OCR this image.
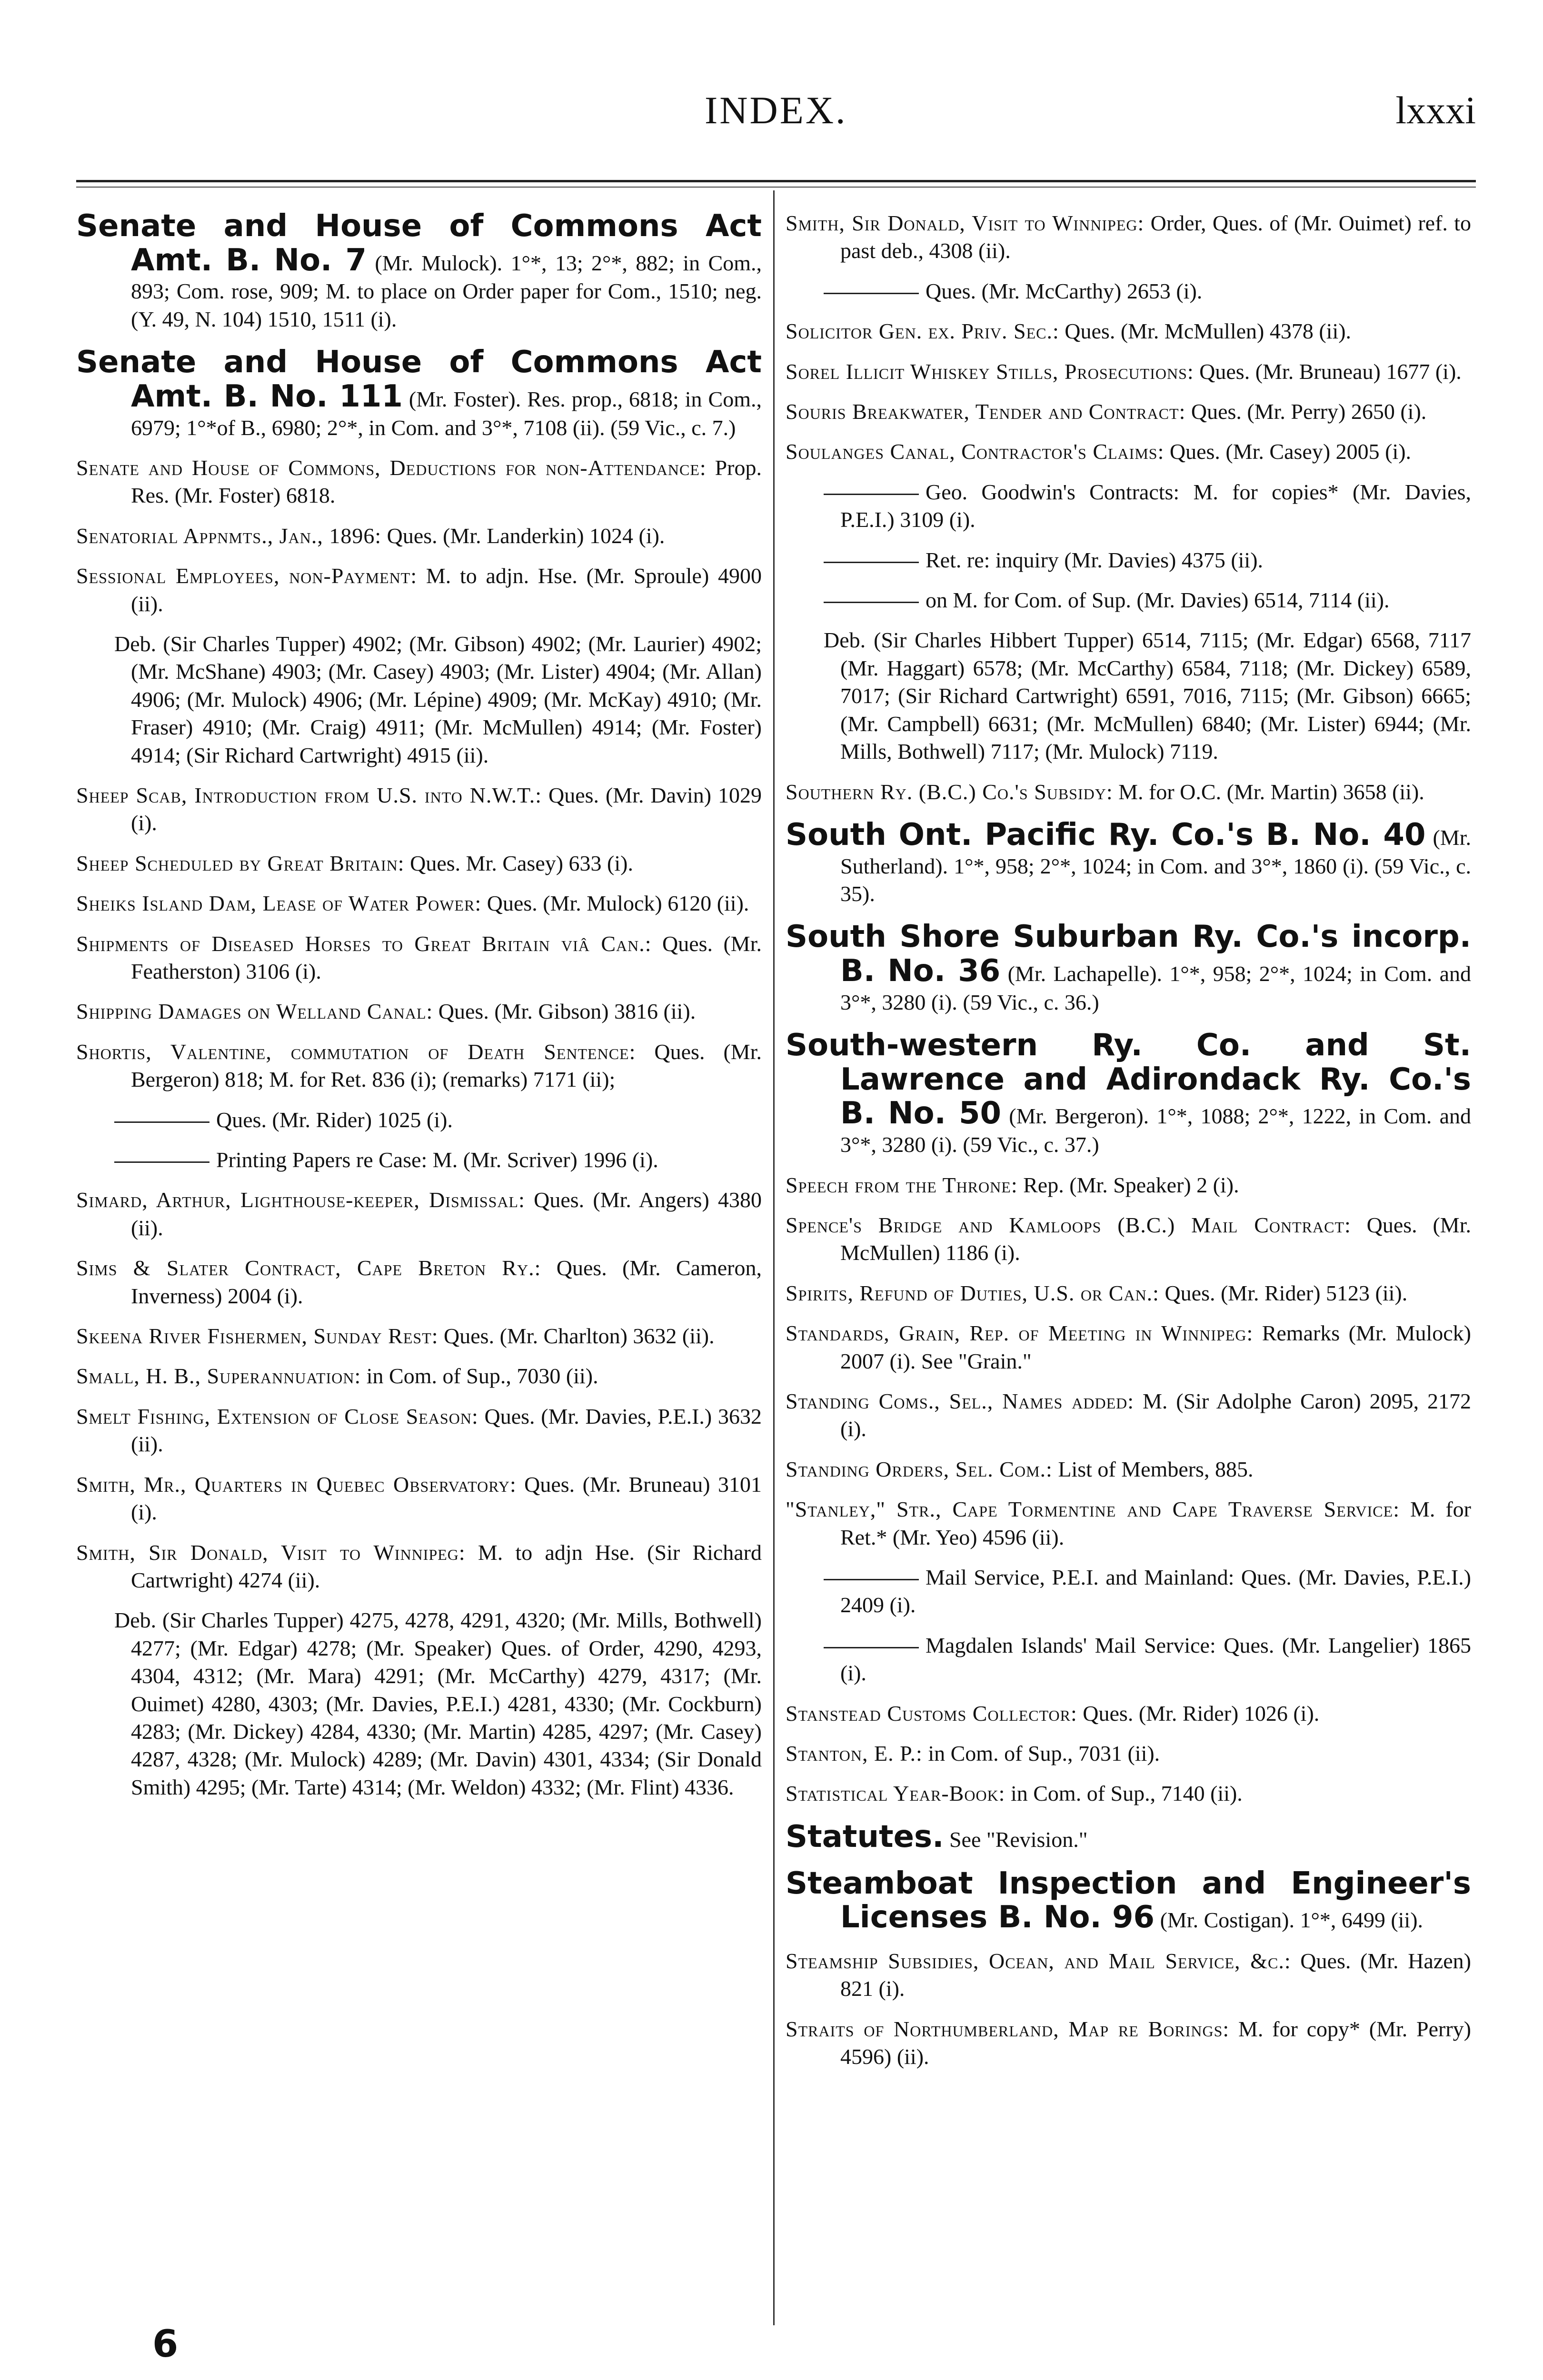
INDEX.	lxxxi

Senate and House of Commons Act Amt. B. No. 7 (Mr. Mulock). 1°*, 13; 2°*, 882; in Com., 893; Com. rose, 909; M. to place on Order paper for Com., 1510; neg. (Y. 49, N. 104) 1510, 1511 (i).

Senate and House of Commons Act Amt. B. No. 111 (Mr. Foster). Res. prop., 6818; in Com., 6979; 1°*of B., 6980; 2°*, in Com. and 3°*, 7108 (ii). (59 Vic., c. 7.)

Senate and House of Commons, Deductions for non-Attendance: Prop. Res. (Mr. Foster) 6818.

Senatorial Appnmts., Jan., 1896: Ques. (Mr. Landerkin) 1024 (i).

Sessional Employees, non-Payment: M. to adjn. Hse. (Mr. Sproule) 4900 (ii).

Deb. (Sir Charles Tupper) 4902; (Mr. Gibson) 4902; (Mr. Laurier) 4902; (Mr. McShane) 4903; (Mr. Casey) 4903; (Mr. Lister) 4904; (Mr. Allan) 4906; (Mr. Mulock) 4906; (Mr. Lépine) 4909; (Mr. McKay) 4910; (Mr. Fraser) 4910; (Mr. Craig) 4911; (Mr. McMullen) 4914; (Mr. Foster) 4914; (Sir Richard Cartwright) 4915 (ii).

Sheep Scab, Introduction from U.S. into N.W.T.: Ques. (Mr. Davin) 1029 (i).

Sheep Scheduled by Great Britain: Ques. Mr. Casey) 633 (i).

Sheiks Island Dam, Lease of Water Power: Ques. (Mr. Mulock) 6120 (ii).

Shipments of Diseased Horses to Great Britain viâ Can.: Ques. (Mr. Featherston) 3106 (i).

Shipping Damages on Welland Canal: Ques. (Mr. Gibson) 3816 (ii).

Shortis, Valentine, commutation of Death Sentence: Ques. (Mr. Bergeron) 818; M. for Ret. 836 (i); (remarks) 7171 (ii);

Ques. (Mr. Rider) 1025 (i).

Printing Papers re Case: M. (Mr. Scriver) 1996 (i).

Simard, Arthur, Lighthouse-keeper, Dismissal: Ques. (Mr. Angers) 4380 (ii).

Sims & Slater Contract, Cape Breton Ry.: Ques. (Mr. Cameron, Inverness) 2004 (i).

Skeena River Fishermen, Sunday Rest: Ques. (Mr. Charlton) 3632 (ii).

Small, H. B., Superannuation: in Com. of Sup., 7030 (ii).

Smelt Fishing, Extension of Close Season: Ques. (Mr. Davies, P.E.I.) 3632 (ii).

Smith, Mr., Quarters in Quebec Observatory: Ques. (Mr. Bruneau) 3101 (i).

Smith, Sir Donald, Visit to Winnipeg: M. to adjn Hse. (Sir Richard Cartwright) 4274 (ii).

Deb. (Sir Charles Tupper) 4275, 4278, 4291, 4320; (Mr. Mills, Bothwell) 4277; (Mr. Edgar) 4278; (Mr. Speaker) Ques. of Order, 4290, 4293, 4304, 4312; (Mr. Mara) 4291; (Mr. McCarthy) 4279, 4317; (Mr. Ouimet) 4280, 4303; (Mr. Davies, P.E.I.) 4281, 4330; (Mr. Cockburn) 4283; (Mr. Dickey) 4284, 4330; (Mr. Martin) 4285, 4297; (Mr. Casey) 4287, 4328; (Mr. Mulock) 4289; (Mr. Davin) 4301, 4334; (Sir Donald Smith) 4295; (Mr. Tarte) 4314; (Mr. Weldon) 4332; (Mr. Flint) 4336.

Smith, Sir Donald, Visit to Winnipeg: Order, Ques. of (Mr. Ouimet) ref. to past deb., 4308 (ii).

Ques. (Mr. McCarthy) 2653 (i).

Solicitor Gen. ex. Priv. Sec.: Ques. (Mr. McMullen) 4378 (ii).

Sorel Illicit Whiskey Stills, Prosecutions: Ques. (Mr. Bruneau) 1677 (i).

Souris Breakwater, Tender and Contract: Ques. (Mr. Perry) 2650 (i).

Soulanges Canal, Contractor's Claims: Ques. (Mr. Casey) 2005 (i).

Geo. Goodwin's Contracts: M. for copies* (Mr. Davies, P.E.I.) 3109 (i).

Ret. re: inquiry (Mr. Davies) 4375 (ii).

on M. for Com. of Sup. (Mr. Davies) 6514, 7114 (ii).

Deb. (Sir Charles Hibbert Tupper) 6514, 7115; (Mr. Edgar) 6568, 7117 (Mr. Haggart) 6578; (Mr. McCarthy) 6584, 7118; (Mr. Dickey) 6589, 7017; (Sir Richard Cartwright) 6591, 7016, 7115; (Mr. Gibson) 6665; (Mr. Campbell) 6631; (Mr. McMullen) 6840; (Mr. Lister) 6944; (Mr. Mills, Bothwell) 7117; (Mr. Mulock) 7119.

Southern Ry. (B.C.) Co.'s Subsidy: M. for O.C. (Mr. Martin) 3658 (ii).

South Ont. Pacific Ry. Co.'s B. No. 40 (Mr. Sutherland). 1°*, 958; 2°*, 1024; in Com. and 3°*, 1860 (i). (59 Vic., c. 35).

South Shore Suburban Ry. Co.'s incorp. B. No. 36 (Mr. Lachapelle). 1°*, 958; 2°*, 1024; in Com. and 3°*, 3280 (i). (59 Vic., c. 36.)

South-western Ry. Co. and St. Lawrence and Adirondack Ry. Co.'s B. No. 50 (Mr. Bergeron). 1°*, 1088; 2°*, 1222, in Com. and 3°*, 3280 (i). (59 Vic., c. 37.)

Speech from the Throne: Rep. (Mr. Speaker) 2 (i).

Spence's Bridge and Kamloops (B.C.) Mail Contract: Ques. (Mr. McMullen) 1186 (i).

Spirits, Refund of Duties, U.S. or Can.: Ques. (Mr. Rider) 5123 (ii).

Standards, Grain, Rep. of Meeting in Winnipeg: Remarks (Mr. Mulock) 2007 (i). See "Grain."

Standing Coms., Sel., Names added: M. (Sir Adolphe Caron) 2095, 2172 (i).

Standing Orders, Sel. Com.: List of Members, 885.

"Stanley," Str., Cape Tormentine and Cape Traverse Service: M. for Ret.* (Mr. Yeo) 4596 (ii).

Mail Service, P.E.I. and Mainland: Ques. (Mr. Davies, P.E.I.) 2409 (i).

Magdalen Islands' Mail Service: Ques. (Mr. Langelier) 1865 (i).

Stanstead Customs Collector: Ques. (Mr. Rider) 1026 (i).

Stanton, E. P.: in Com. of Sup., 7031 (ii).

Statistical Year-Book: in Com. of Sup., 7140 (ii).

Statutes. See "Revision."

Steamboat Inspection and Engineer's Licenses B. No. 96 (Mr. Costigan). 1°*, 6499 (ii).

Steamship Subsidies, Ocean, and Mail Service, &c.: Ques. (Mr. Hazen) 821 (i).

Straits of Northumberland, Map re Borings: M. for copy* (Mr. Perry) 4596) (ii).

6
